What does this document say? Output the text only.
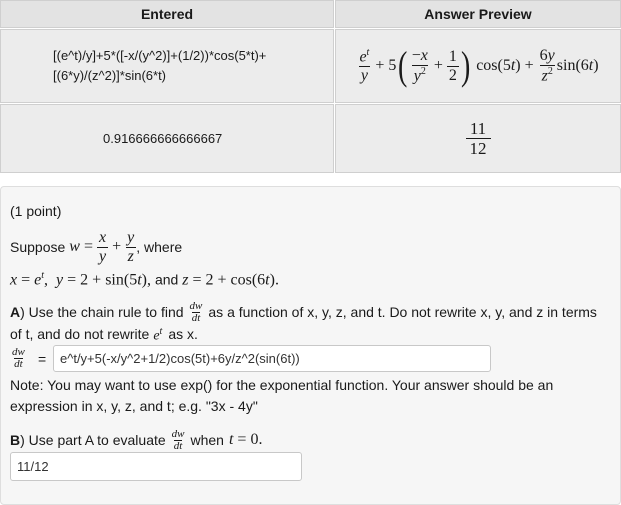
Entered	Answer Preview
[(e^t)/y]+5*([-x/(y^2)]+(1/2))*cos(5*t)+
[(6*y)/(z^2)]*sin(6*t)	$\frac{e^t}{y} + 5$ ( $\frac{-x}{y^2} + \frac{1}{2}$ ) cos(5 t ) + $\frac{6y}{z^2} \sin(6$ t )
0.916666666666667	$\frac{11}{12}$
(1 point)
Suppose $w = \frac{x}{y} + \frac{y}{z}$ , where
$x = e^t$,  y = 2 + sin(5t), and z = 2 + cos(6t).
A ) Use the chain rule to find dw
dt as a function of x, y, z, and t. Do not rewrite x, y, and z in terms
of t, and do not rewrite $e^t$ as x.
dw
dt = e^t/y+5(-x/y^2+1/2)cos(5t)+6y/z^2(sin(6t))
Note: You may want to use exp() for the exponential function. Your answer should be an
expression in x, y, z, and t; e.g. "3x - 4y"
B ) Use part A to evaluate dw
dt when t = 0.
11/12
